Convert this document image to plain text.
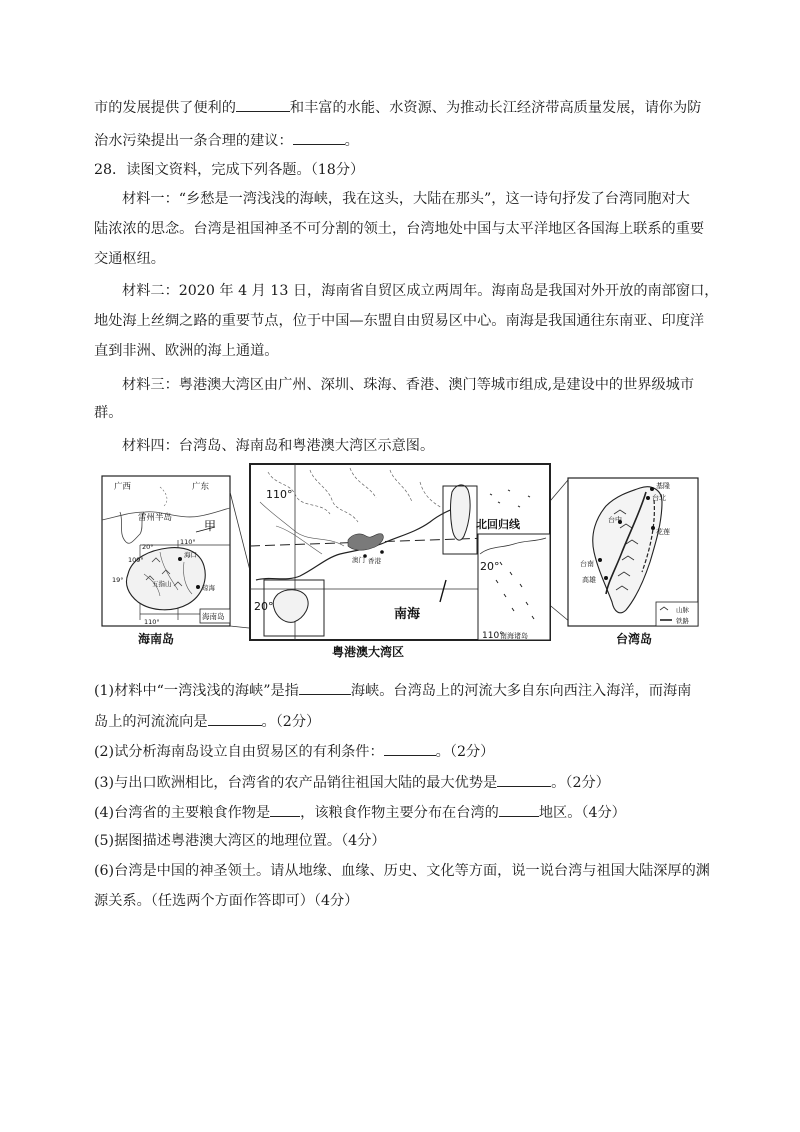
市的发展提供了便利的	和丰富的水能、水资源、为推动长江经济带高质量发展，请你为防
治水污染提出一条合理的建议：	。
28．读图文资料，完成下列各题。（18分）
材料一：“乡愁是一湾浅浅的海峡，我在这头，大陆在那头”，这一诗句抒发了台湾同胞对大
陆浓浓的思念。台湾是祖国神圣不可分割的领土，台湾地处中国与太平洋地区各国海上联系的重要
交通枢纽。
材料二：2020 年 4 月 13 日，海南省自贸区成立两周年。海南岛是我国对外开放的南部窗口，
地处海上丝绸之路的重要节点，位于中国—东盟自由贸易区中心。南海是我国通往东南亚、印度洋
直到非洲、欧洲的海上通道。
材料三：粤港澳大湾区由广州、深圳、珠海、香港、澳门等城市组成,是建设中的世界级城市
群。
材料四：台湾岛、海南岛和粤港澳大湾区示意图。
广西	广东
雷州半岛
甲
20°
109°
110°
海口
19°	五指山	琼海
110°
海南岛
海南岛
110°
20°
20°
110°
南海诸岛
北回归线
南海
香港
澳门
粤港澳大湾区
基隆
台北
台中
花莲
台南
高雄
山脉
铁路
台湾岛
(1)材料中“一湾浅浅的海峡”是指	海峡。台湾岛上的河流大多自东向西注入海洋，而海南
岛上的河流流向是	。（2分）
(2)试分析海南岛设立自由贸易区的有利条件：	。（2分）
(3)与出口欧洲相比，台湾省的农产品销往祖国大陆的最大优势是	。（2分）
(4)台湾省的主要粮食作物是 ，该粮食作物主要分布在台湾的	地区。（4分）
(5)据图描述粤港澳大湾区的地理位置。（4分）
(6)台湾是中国的神圣领土。请从地缘、血缘、历史、文化等方面，说一说台湾与祖国大陆深厚的渊
源关系。（任选两个方面作答即可）（4分）
